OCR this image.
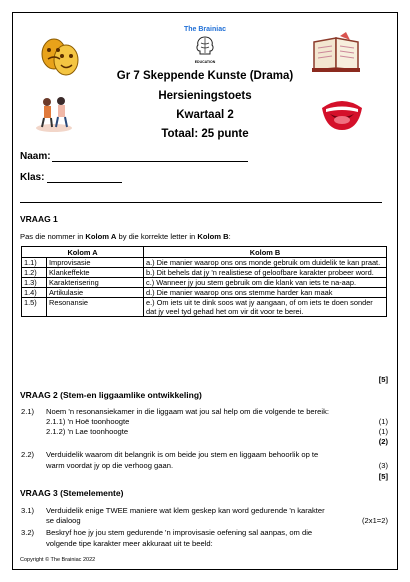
The Brainiac
EDUCATION
Gr 7 Skeppende Kunste (Drama)
Hersieningstoets
Kwartaal 2
Totaal: 25 punte
Naam:
Klas:
VRAAG 1
Pas die nommer in Kolom A by die korrekte letter in Kolom B:
Kolom A		Kolom B
1.1)	Improvisasie	a.) Die manier waarop ons ons monde gebruik om duidelik te kan praat.
1.2)	Klankeffekte	b.) Dit behels dat jy 'n realistiese of geloofbare karakter probeer word.
1.3)	Karakterisering	c.) Wanneer jy jou stem gebruik om die klank van iets te na-aap.
1.4)	Artikulasie	d.) Die manier waarop ons ons stemme harder kan maak
1.5)	Resonansie	e.) Om iets uit te dink soos wat jy aangaan, of om iets te doen sonder dat jy veel tyd gehad het om vir dit voor te berei.
[5]
VRAAG 2 (Stem-en liggaamlike ontwikkeling)
2.1) Noem 'n resonansiekamer in die liggaam wat jou sal help om die volgende te bereik:
2.1.1) 'n Hoë toonhoogte	(1)
2.1.2) 'n Lae toonhoogte	(1)
(2)
2.2) Verduidelik waarom dit belangrik is om beide jou stem en liggaam behoorlik op te
warm voordat jy op die verhoog gaan.	(3)
[5]
VRAAG 3 (Stemelemente)
3.1) Verduidelik enige TWEE maniere wat klem geskep kan word gedurende 'n karakter
se dialoog	(2x1=2)
3.2) Beskryf hoe jy jou stem gedurende 'n improvisasie oefening sal aanpas, om die
volgende tipe karakter meer akkuraat uit te beeld:
Copyright © The Brainiac 2022
